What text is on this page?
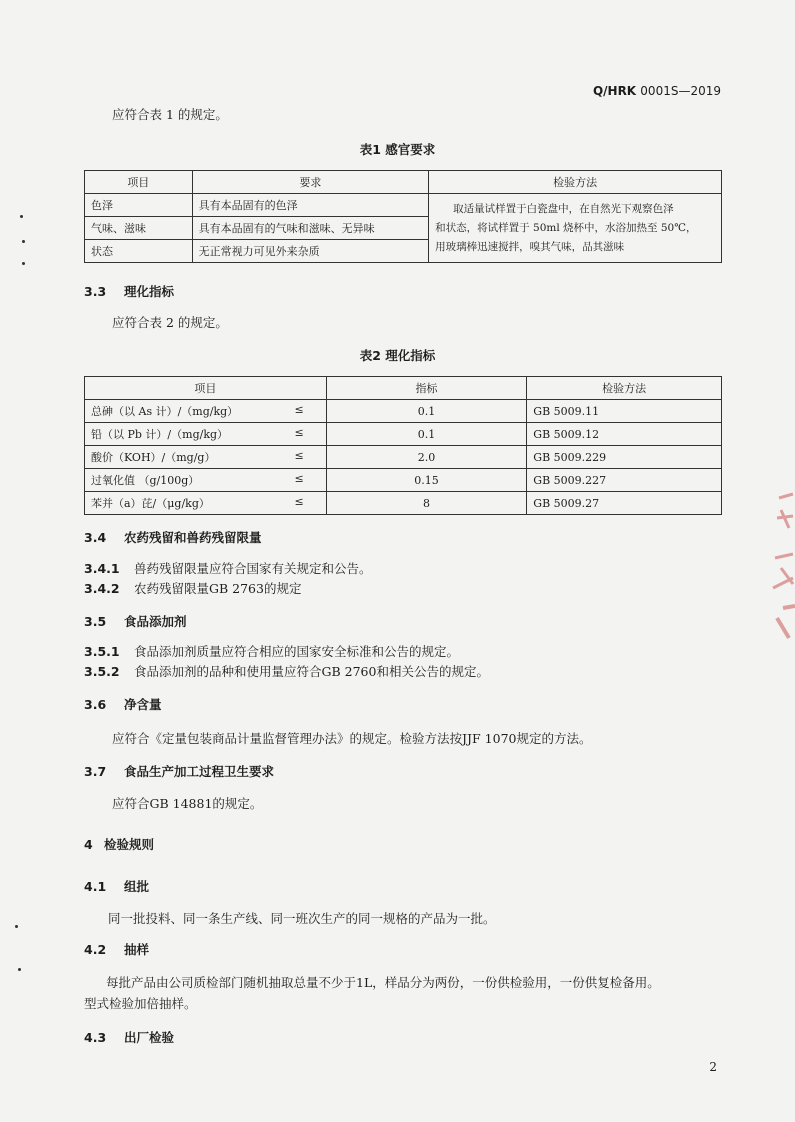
Q/HRK 0001S—2019
应符合表 1 的规定。
表1 感官要求
项目	要求	检验方法
色泽	具有本品固有的色泽	取适量试样置于白瓷盘中，在自然光下观察色泽
和状态，将试样置于 50ml 烧杯中，水浴加热至 50℃，
用玻璃棒迅速搅拌，嗅其气味，品其滋味

气味、滋味	具有本品固有的气味和滋味、无异味	
状态	无正常视力可见外来杂质	
3.3 理化指标
应符合表 2 的规定。
表2 理化指标
项目	指标	检验方法
总砷（以 As 计）/（mg/kg） ≤	0.1	GB 5009.11
铅（以 Pb 计）/（mg/kg） ≤	0.1	GB 5009.12
酸价（KOH）/（mg/g） ≤	2.0	GB 5009.229
过氧化值 （g/100g） ≤	0.15	GB 5009.227
苯并（a）芘/（μg/kg） ≤	8	GB 5009.27
3.4 农药残留和兽药残留限量
3.4.1 兽药残留限量应符合国家有关规定和公告。
3.4.2 农药残留限量GB 2763的规定
3.5 食品添加剂
3.5.1 食品添加剂质量应符合相应的国家安全标准和公告的规定。
3.5.2 食品添加剂的品种和使用量应符合GB 2760和相关公告的规定。
3.6 净含量
应符合《定量包装商品计量监督管理办法》的规定。检验方法按JJF 1070规定的方法。
3.7 食品生产加工过程卫生要求
应符合GB 14881的规定。
4 检验规则
4.1 组批
同一批投料、同一条生产线、同一班次生产的同一规格的产品为一批。
4.2 抽样
每批产品由公司质检部门随机抽取总量不少于1L，样品分为两份，一份供检验用，一份供复检备用。
型式检验加倍抽样。
4.3 出厂检验
2
